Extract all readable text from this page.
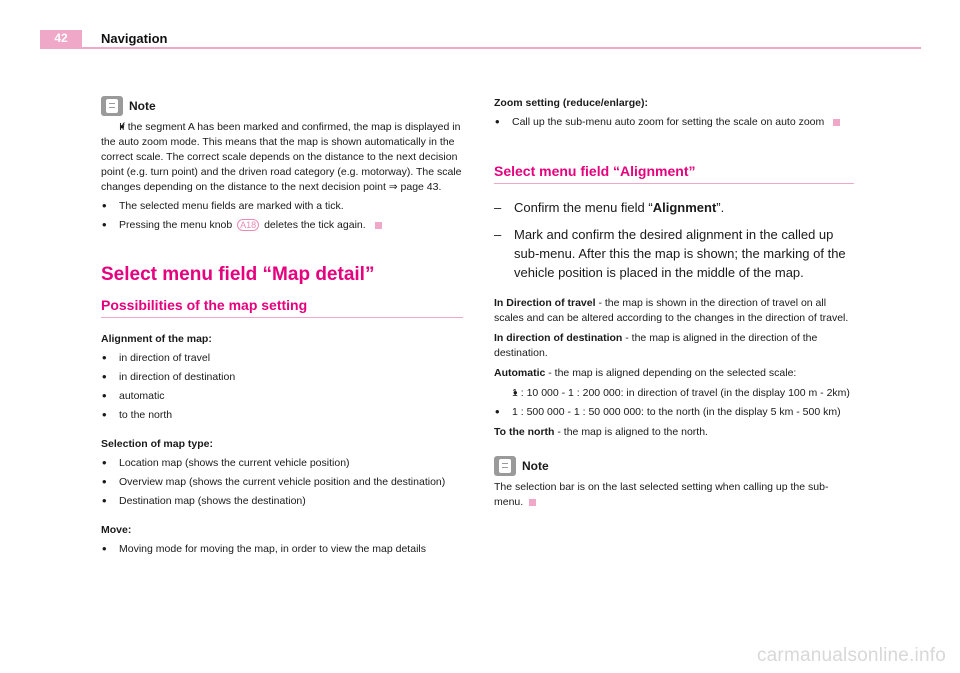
42	Navigation
Note
• If the segment A has been marked and confirmed, the map is displayed in the auto zoom mode. This means that the map is shown automatically in the correct scale. The correct scale depends on the distance to the next decision point (e.g. turn point) and the driven road category (e.g. motorway). The scale changes depending on the distance to the next decision point ⇒ page 43.
• The selected menu fields are marked with a tick.
• Pressing the menu knob A18 deletes the tick again.
Select menu field “Map detail”
Possibilities of the map setting
Alignment of the map:
• in direction of travel
• in direction of destination
• automatic
• to the north
Selection of map type:
• Location map (shows the current vehicle position)
• Overview map (shows the current vehicle position and the destination)
• Destination map (shows the destination)
Move:
• Moving mode for moving the map, in order to view the map details
Zoom setting (reduce/enlarge):
• Call up the sub-menu auto zoom for setting the scale on auto zoom
Select menu field “Alignment”
– Confirm the menu field “Alignment”.
– Mark and confirm the desired alignment in the called up sub-menu. After this the map is shown; the marking of the vehicle position is placed in the middle of the map.

In Direction of travel - the map is shown in the direction of travel on all scales and can be altered according to the changes in the direction of travel.

In direction of destination - the map is aligned in the direction of the destination.

Automatic - the map is aligned depending on the selected scale:

• 1 : 10 000 - 1 : 200 000: in direction of travel (in the display 100 m - 2km)
• 1 : 500 000 - 1 : 50 000 000: to the north (in the display 5 km - 500 km)

To the north - the map is aligned to the north.

Note

The selection bar is on the last selected setting when calling up the sub-menu.

carmanualsonline.info
